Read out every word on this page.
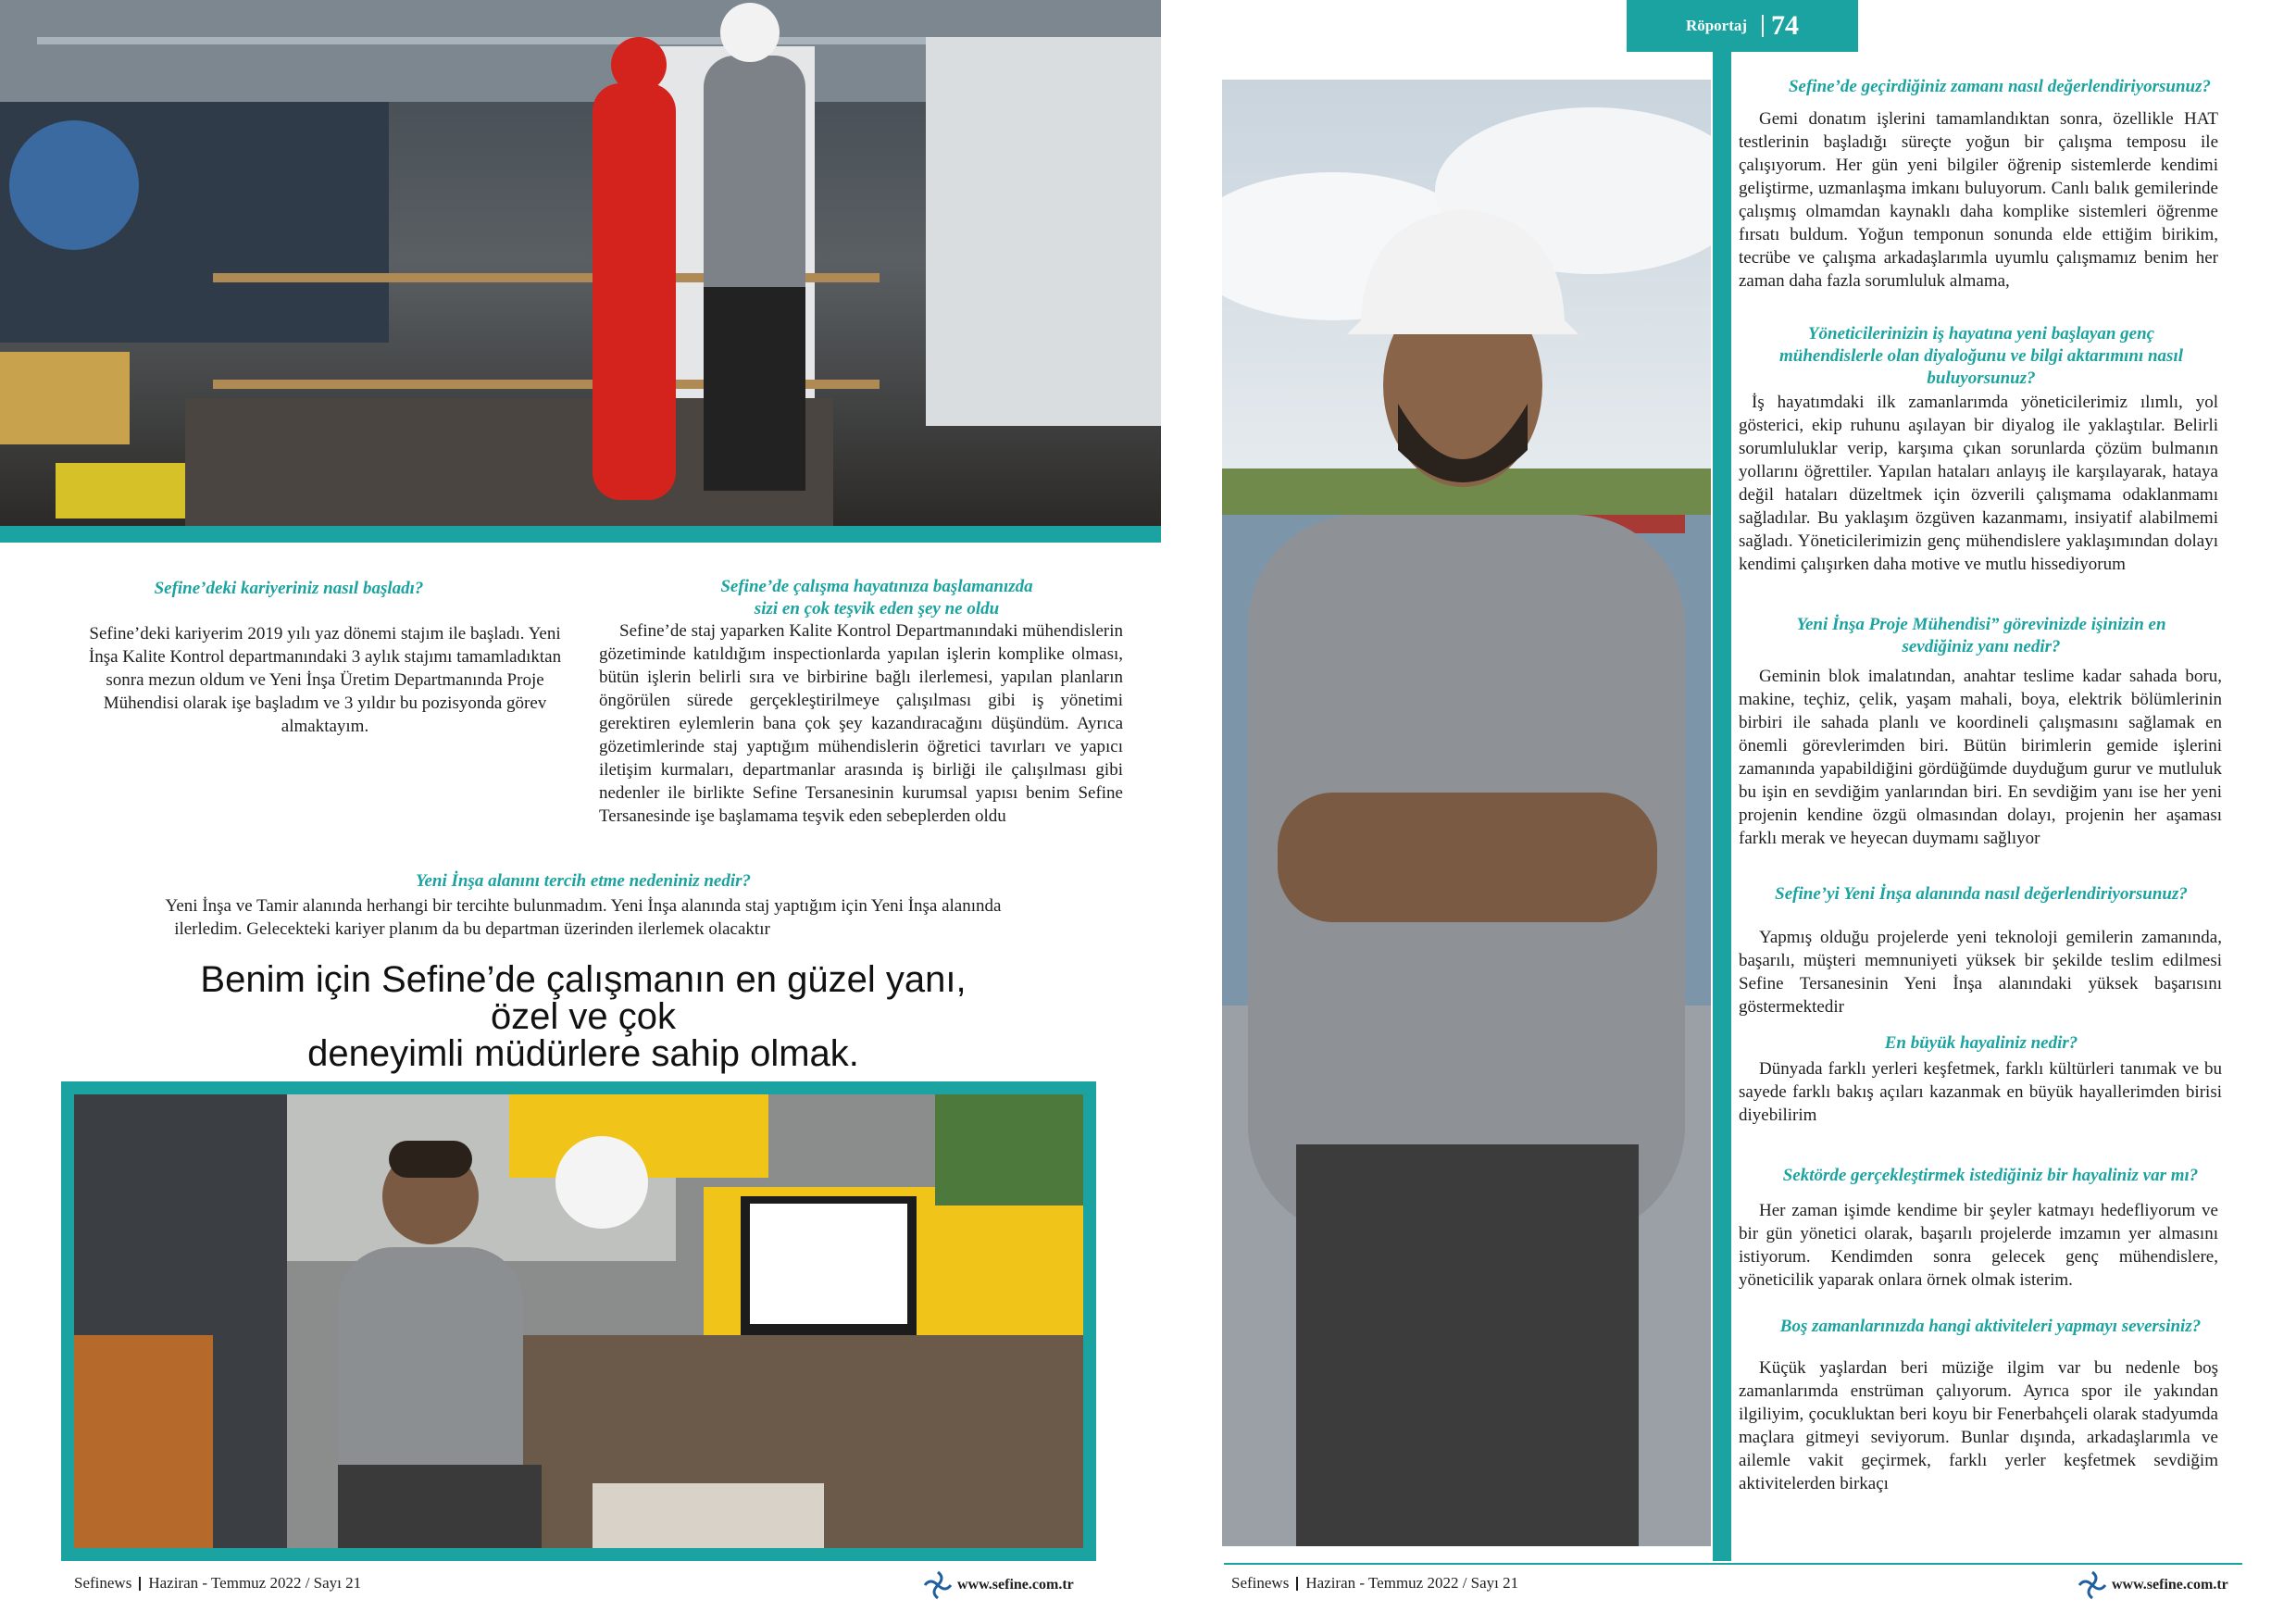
Sefine’deki kariyeriniz nasıl başladı?
Sefine’deki kariyerim 2019 yılı yaz dönemi stajım ile başladı. Yeni İnşa Kalite Kontrol departmanındaki 3 aylık stajımı tamamladıktan sonra mezun oldum ve Yeni İnşa Üretim Departmanında Proje Mühendisi olarak işe başladım ve 3 yıldır bu pozisyonda görev almaktayım.
Sefine’de çalışma hayatınıza başlamanızda
sizi en çok teşvik eden şey ne oldu
Sefine’de staj yaparken Kalite Kontrol Departmanındaki mühendislerin gözetiminde katıldığım inspectionlarda yapılan işlerin komplike olması, bütün işlerin belirli sıra ve birbirine bağlı ilerlemesi, yapılan planların öngörülen sürede gerçekleştirilmeye çalışılması gibi iş yönetimi gerektiren eylemlerin bana çok şey kazandıracağını düşündüm. Ayrıca gözetimlerinde staj yaptığım mühendislerin öğretici tavırları ve yapıcı iletişim kurmaları, departmanlar arasında iş birliği ile çalışılması gibi nedenler ile birlikte Sefine Tersanesinin kurumsal yapısı benim Sefine Tersanesinde işe başlamama teşvik eden sebeplerden oldu
Yeni İnşa alanını tercih etme nedeniniz nedir?
Yeni İnşa ve Tamir alanında herhangi bir tercihte bulunmadım. Yeni İnşa alanında staj yaptığım için Yeni İnşa alanında
ilerledim. Gelecekteki kariyer planım da bu departman üzerinden ilerlemek olacaktır
Benim için Sefine’de çalışmanın en güzel yanı,
özel ve çok
deneyimli müdürlere sahip olmak.
Sefinews Haziran - Temmuz 2022 / Sayı 21	www.sefine.com.tr
Röportaj 74
Sefine’de geçirdiğiniz zamanı nasıl değerlendiriyorsunuz?
Gemi donatım işlerini tamamlandıktan sonra, özellikle HAT testlerinin başladığı süreçte yoğun bir çalışma temposu ile çalışıyorum. Her gün yeni bilgiler öğrenip sistemlerde kendimi geliştirme, uzmanlaşma imkanı buluyorum. Canlı balık gemilerinde çalışmış olmamdan kaynaklı daha komplike sistemleri öğrenme fırsatı buldum. Yoğun temponun sonunda elde ettiğim birikim, tecrübe ve çalışma arkadaşlarımla uyumlu çalışmamız benim her zaman daha fazla sorumluluk almama,
Yöneticilerinizin iş hayatına yeni başlayan genç
mühendislerle olan diyaloğunu ve bilgi aktarımını nasıl
buluyorsunuz?
İş hayatımdaki ilk zamanlarımda yöneticilerimiz ılımlı, yol gösterici, ekip ruhunu aşılayan bir diyalog ile yaklaştılar. Belirli sorumluluklar verip, karşıma çıkan sorunlarda çözüm bulmanın yollarını öğrettiler. Yapılan hataları anlayış ile karşılayarak, hataya değil hataları düzeltmek için özverili çalışmama odaklanmamı sağladılar. Bu yaklaşım özgüven kazanmamı, insiyatif alabilmemi sağladı. Yöneticilerimizin genç mühendislere yaklaşımından dolayı kendimi çalışırken daha motive ve mutlu hissediyorum
Yeni İnşa Proje Mühendisi” görevinizde işinizin en
sevdiğiniz yanı nedir?
Geminin blok imalatından, anahtar teslime kadar sahada boru, makine, teçhiz, çelik, yaşam mahali, boya, elektrik bölümlerinin birbiri ile sahada planlı ve koordineli çalışmasını sağlamak en önemli görevlerimden biri. Bütün birimlerin gemide işlerini zamanında yapabildiğini gördüğümde duyduğum gurur ve mutluluk bu işin en sevdiğim yanlarından biri. En sevdiğim yanı ise her yeni projenin kendine özgü olmasından dolayı, projenin her aşaması farklı merak ve heyecan duymamı sağlıyor
Sefine’yi Yeni İnşa alanında nasıl değerlendiriyorsunuz?
Yapmış olduğu projelerde yeni teknoloji gemilerin zamanında, başarılı, müşteri memnuniyeti yüksek bir şekilde teslim edilmesi Sefine Tersanesinin Yeni İnşa alanındaki yüksek başarısını göstermektedir
En büyük hayaliniz nedir?
Dünyada farklı yerleri keşfetmek, farklı kültürleri tanımak ve bu sayede farklı bakış açıları kazanmak en büyük hayallerimden birisi diyebilirim
Sektörde gerçekleştirmek istediğiniz bir hayaliniz var mı?
Her zaman işimde kendime bir şeyler katmayı hedefliyorum ve bir gün yönetici olarak, başarılı projelerde imzamın yer almasını istiyorum. Kendimden sonra gelecek genç mühendislere, yöneticilik yaparak onlara örnek olmak isterim.
Boş zamanlarınızda hangi aktiviteleri yapmayı seversiniz?
Küçük yaşlardan beri müziğe ilgim var bu nedenle boş zamanlarımda enstrüman çalıyorum. Ayrıca spor ile yakından ilgiliyim, çocukluktan beri koyu bir Fenerbahçeli olarak stadyumda maçlara gitmeyi seviyorum. Bunlar dışında, arkadaşlarımla ve ailemle vakit geçirmek, farklı yerler keşfetmek sevdiğim aktivitelerden birkaçı
Sefinews Haziran - Temmuz 2022 / Sayı 21	www.sefine.com.tr
